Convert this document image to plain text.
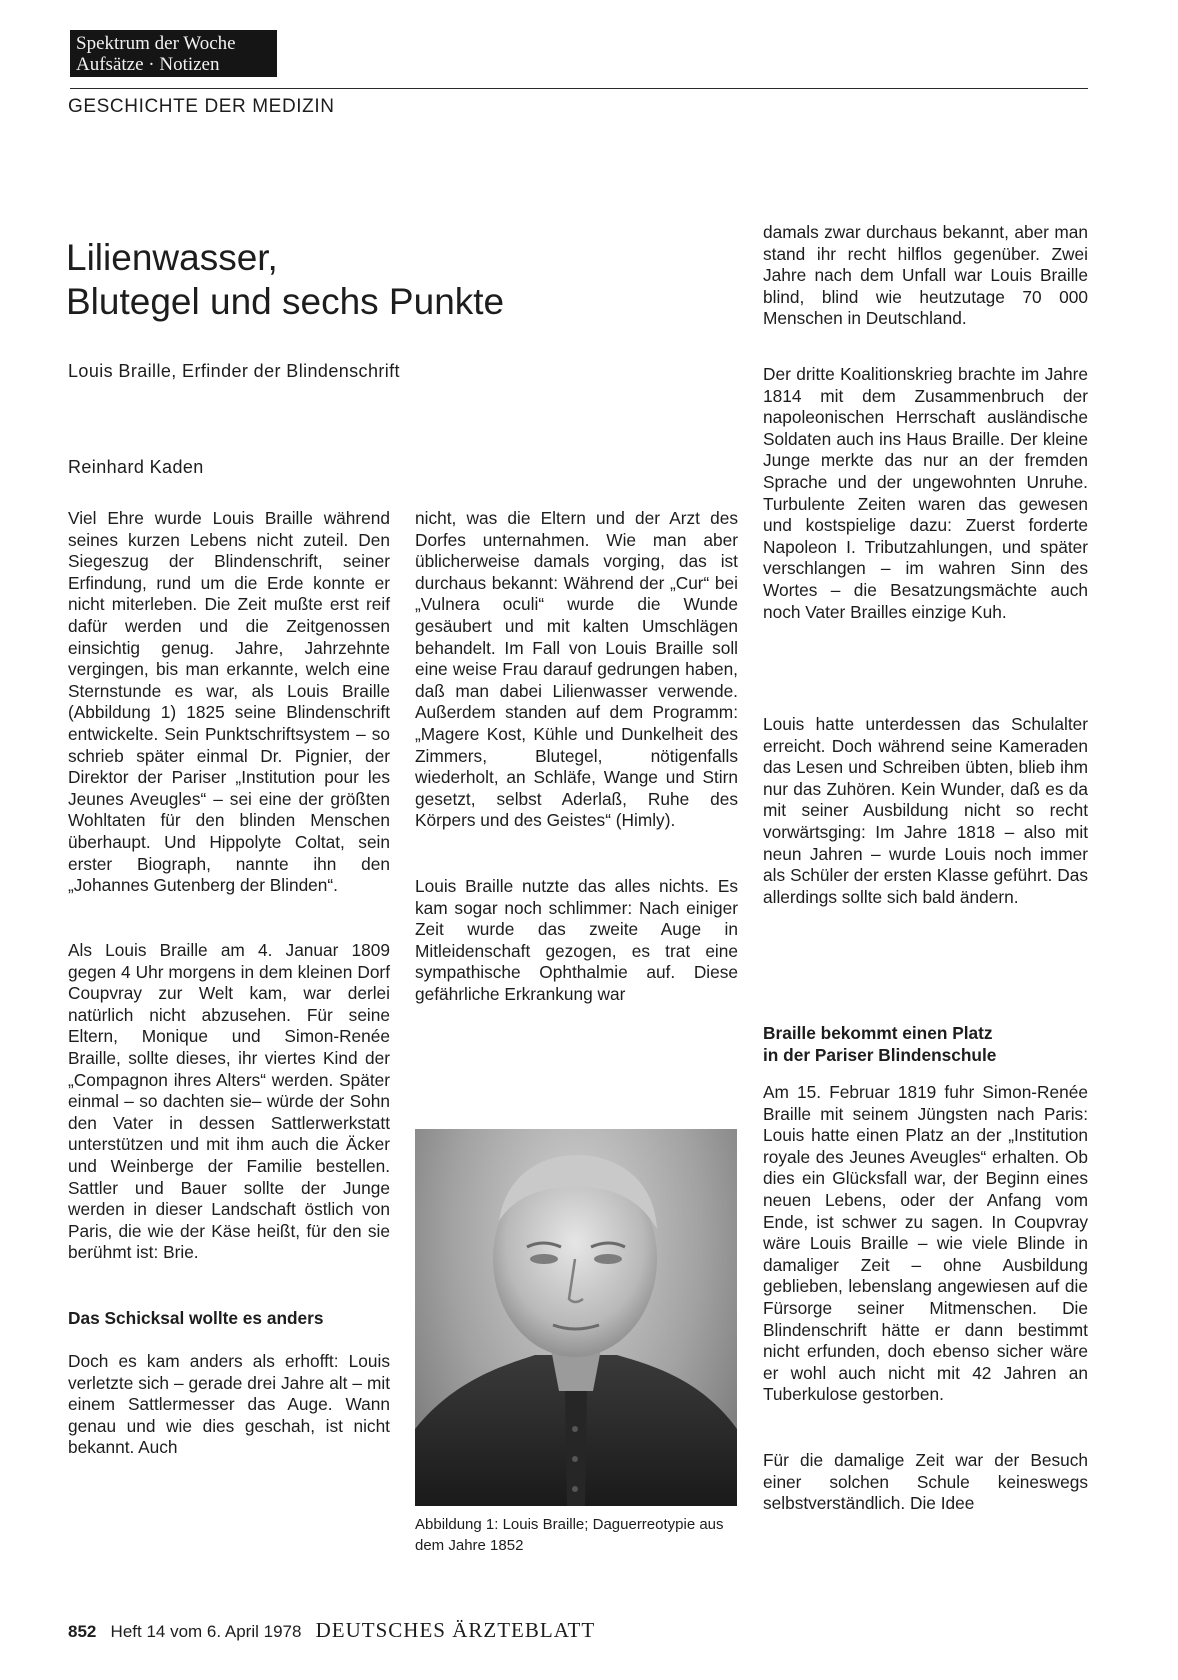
Spektrum der Woche
Aufsätze · Notizen
GESCHICHTE DER MEDIZIN
Lilienwasser,
Blutegel und sechs Punkte
Louis Braille, Erfinder der Blindenschrift
Reinhard Kaden

Viel Ehre wurde Louis Braille während seines kurzen Lebens nicht zuteil. Den Siegeszug der Blindenschrift, seiner Erfindung, rund um die Erde konnte er nicht miterleben. Die Zeit mußte erst reif dafür werden und die Zeitgenossen einsichtig genug. Jahre, Jahrzehnte vergingen, bis man erkannte, welch eine Sternstunde es war, als Louis Braille (Abbildung 1) 1825 seine Blindenschrift entwickelte. Sein Punktschriftsystem – so schrieb später einmal Dr. Pignier, der Direktor der Pariser „Institution pour les Jeunes Aveugles“ – sei eine der größten Wohltaten für den blinden Menschen überhaupt. Und Hippolyte Coltat, sein erster Biograph, nannte ihn den „Johannes Gutenberg der Blinden“.

Als Louis Braille am 4. Januar 1809 gegen 4 Uhr morgens in dem kleinen Dorf Coupvray zur Welt kam, war derlei natürlich nicht abzusehen. Für seine Eltern, Monique und Simon-Renée Braille, sollte dieses, ihr viertes Kind der „Compagnon ihres Alters“ werden. Später einmal – so dachten sie– würde der Sohn den Vater in dessen Sattlerwerkstatt unterstützen und mit ihm auch die Äcker und Weinberge der Familie bestellen. Sattler und Bauer sollte der Junge werden in dieser Landschaft östlich von Paris, die wie der Käse heißt, für den sie berühmt ist: Brie.

Das Schicksal wollte es anders

Doch es kam anders als erhofft: Louis verletzte sich – gerade drei Jahre alt – mit einem Sattlermesser das Auge. Wann genau und wie dies geschah, ist nicht bekannt. Auch

nicht, was die Eltern und der Arzt des Dorfes unternahmen. Wie man aber üblicherweise damals vorging, das ist durchaus bekannt: Während der „Cur“ bei „Vulnera oculi“ wurde die Wunde gesäubert und mit kalten Umschlägen behandelt. Im Fall von Louis Braille soll eine weise Frau darauf gedrungen haben, daß man dabei Lilienwasser verwende. Außerdem standen auf dem Programm: „Magere Kost, Kühle und Dunkelheit des Zimmers, Blutegel, nötigenfalls wiederholt, an Schläfe, Wange und Stirn gesetzt, selbst Aderlaß, Ruhe des Körpers und des Geistes“ (Himly).

Louis Braille nutzte das alles nichts. Es kam sogar noch schlimmer: Nach einiger Zeit wurde das zweite Auge in Mitleidenschaft gezogen, es trat eine sympathische Ophthalmie auf. Diese gefährliche Erkrankung war

Abbildung 1: Louis Braille; Daguerreotypie aus dem Jahre 1852

damals zwar durchaus bekannt, aber man stand ihr recht hilflos gegenüber. Zwei Jahre nach dem Unfall war Louis Braille blind, blind wie heutzutage 70 000 Menschen in Deutschland.

Der dritte Koalitionskrieg brachte im Jahre 1814 mit dem Zusammenbruch der napoleonischen Herrschaft ausländische Soldaten auch ins Haus Braille. Der kleine Junge merkte das nur an der fremden Sprache und der ungewohnten Unruhe. Turbulente Zeiten waren das gewesen und kostspielige dazu: Zuerst forderte Napoleon I. Tributzahlungen, und später verschlangen – im wahren Sinn des Wortes – die Besatzungsmächte auch noch Vater Brailles einzige Kuh.

Louis hatte unterdessen das Schulalter erreicht. Doch während seine Kameraden das Lesen und Schreiben übten, blieb ihm nur das Zuhören. Kein Wunder, daß es da mit seiner Ausbildung nicht so recht vorwärtsging: Im Jahre 1818 – also mit neun Jahren – wurde Louis noch immer als Schüler der ersten Klasse geführt. Das allerdings sollte sich bald ändern.

Braille bekommt einen Platz
in der Pariser Blindenschule

Am 15. Februar 1819 fuhr Simon-Renée Braille mit seinem Jüngsten nach Paris: Louis hatte einen Platz an der „Institution royale des Jeunes Aveugles“ erhalten. Ob dies ein Glücksfall war, der Beginn eines neuen Lebens, oder der Anfang vom Ende, ist schwer zu sagen. In Coupvray wäre Louis Braille – wie viele Blinde in damaliger Zeit – ohne Ausbildung geblieben, lebenslang angewiesen auf die Fürsorge seiner Mitmenschen. Die Blindenschrift hätte er dann bestimmt nicht erfunden, doch ebenso sicher wäre er wohl auch nicht mit 42 Jahren an Tuberkulose gestorben.

Für die damalige Zeit war der Besuch einer solchen Schule keineswegs selbstverständlich. Die Idee

852 Heft 14 vom 6. April 1978 DEUTSCHES ÄRZTEBLATT
